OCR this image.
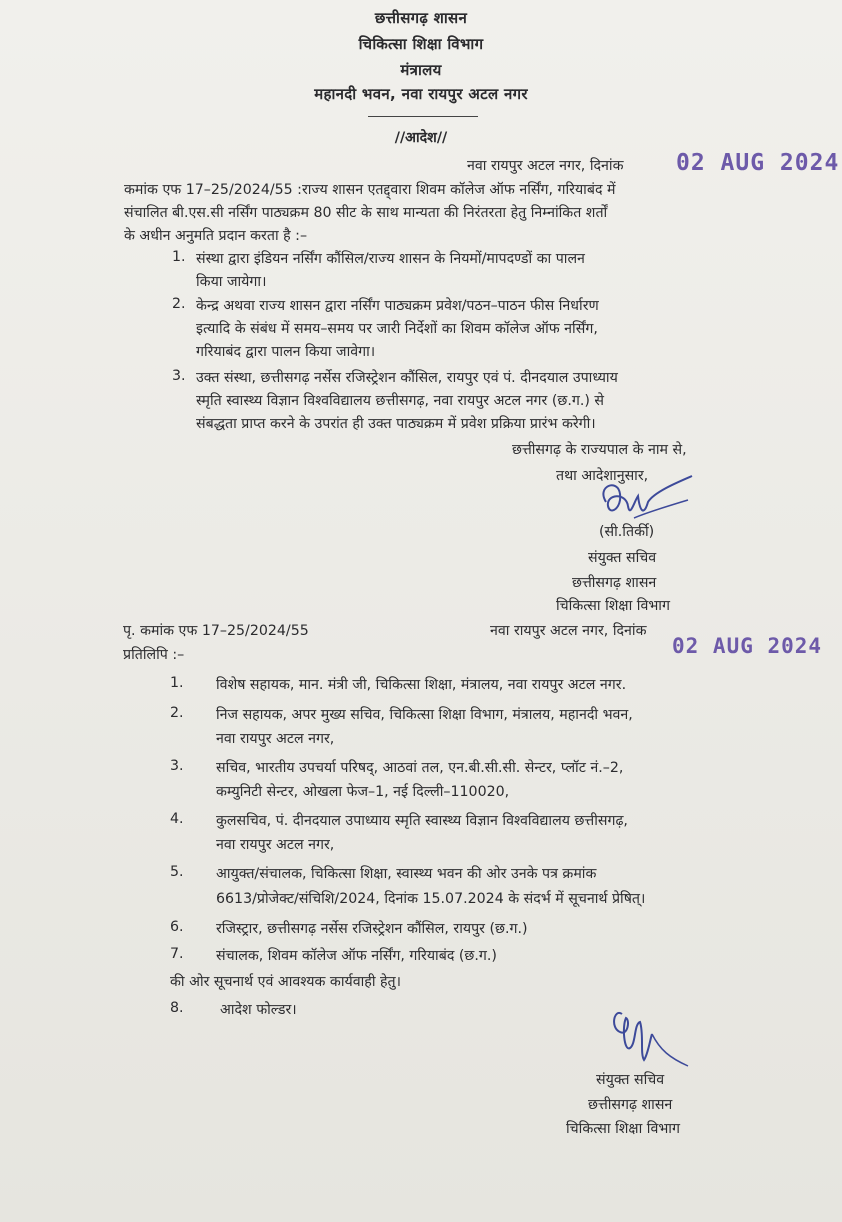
छत्तीसगढ़ शासन
चिकित्सा शिक्षा विभाग
मंत्रालय
महानदी भवन, नवा रायपुर अटल नगर
//आदेश//
नवा रायपुर अटल नगर, दिनांक 02 AUG 2024
कमांक एफ 17–25/2024/55 :राज्य शासन एतद्द्वारा शिवम कॉलेज ऑफ नर्सिंग, गरियाबंद में
संचालित बी.एस.सी नर्सिंग पाठ्यक्रम 80 सीट के साथ मान्यता की निरंतरता हेतु निम्नांकित शर्तों
के अधीन अनुमति प्रदान करता है :–
1. संस्था द्वारा इंडियन नर्सिंग कौंसिल/राज्य शासन के नियमों/मापदण्डों का पालन
किया जायेगा।
2. केन्द्र अथवा राज्य शासन द्वारा नर्सिंग पाठ्यक्रम प्रवेश/पठन–पाठन फीस निर्धारण
इत्यादि के संबंध में समय–समय पर जारी निर्देशों का शिवम कॉलेज ऑफ नर्सिंग,
गरियाबंद द्वारा पालन किया जावेगा।
3. उक्त संस्था, छत्तीसगढ़ नर्सेस रजिस्ट्रेशन कौंसिल, रायपुर एवं पं. दीनदयाल उपाध्याय
स्मृति स्वास्थ्य विज्ञान विश्वविद्यालय छत्तीसगढ़, नवा रायपुर अटल नगर (छ.ग.) से
संबद्धता प्राप्त करने के उपरांत ही उक्त पाठ्यक्रम में प्रवेश प्रक्रिया प्रारंभ करेगी।
छत्तीसगढ़ के राज्यपाल के नाम से,
तथा आदेशानुसार,
(सी.तिर्की)
संयुक्त सचिव
छत्तीसगढ़ शासन
चिकित्सा शिक्षा विभाग
पृ. कमांक एफ 17–25/2024/55	नवा रायपुर अटल नगर, दिनांक
02 AUG 2024
प्रतिलिपि :–
1. विशेष सहायक, मान. मंत्री जी, चिकित्सा शिक्षा, मंत्रालय, नवा रायपुर अटल नगर.
2. निज सहायक, अपर मुख्य सचिव, चिकित्सा शिक्षा विभाग, मंत्रालय, महानदी भवन,
नवा रायपुर अटल नगर,
3. सचिव, भारतीय उपचर्या परिषद्, आठवां तल, एन.बी.सी.सी. सेन्टर, प्लॉट नं.–2,
कम्युनिटी सेन्टर, ओखला फेज–1, नई दिल्ली–110020,
4. कुलसचिव, पं. दीनदयाल उपाध्याय स्मृति स्वास्थ्य विज्ञान विश्वविद्यालय छत्तीसगढ़,
नवा रायपुर अटल नगर,
5. आयुक्त/संचालक, चिकित्सा शिक्षा, स्वास्थ्य भवन की ओर उनके पत्र क्रमांक
6613/प्रोजेक्ट/संचिशि/2024, दिनांक 15.07.2024 के संदर्भ में सूचनार्थ प्रेषित्।
6. रजिस्ट्रार, छत्तीसगढ़ नर्सेस रजिस्ट्रेशन कौंसिल, रायपुर (छ.ग.)
7. संचालक, शिवम कॉलेज ऑफ नर्सिंग, गरियाबंद (छ.ग.)
की ओर सूचनार्थ एवं आवश्यक कार्यवाही हेतु।
8.	आदेश फोल्डर।
संयुक्त सचिव
छत्तीसगढ़ शासन
चिकित्सा शिक्षा विभाग
